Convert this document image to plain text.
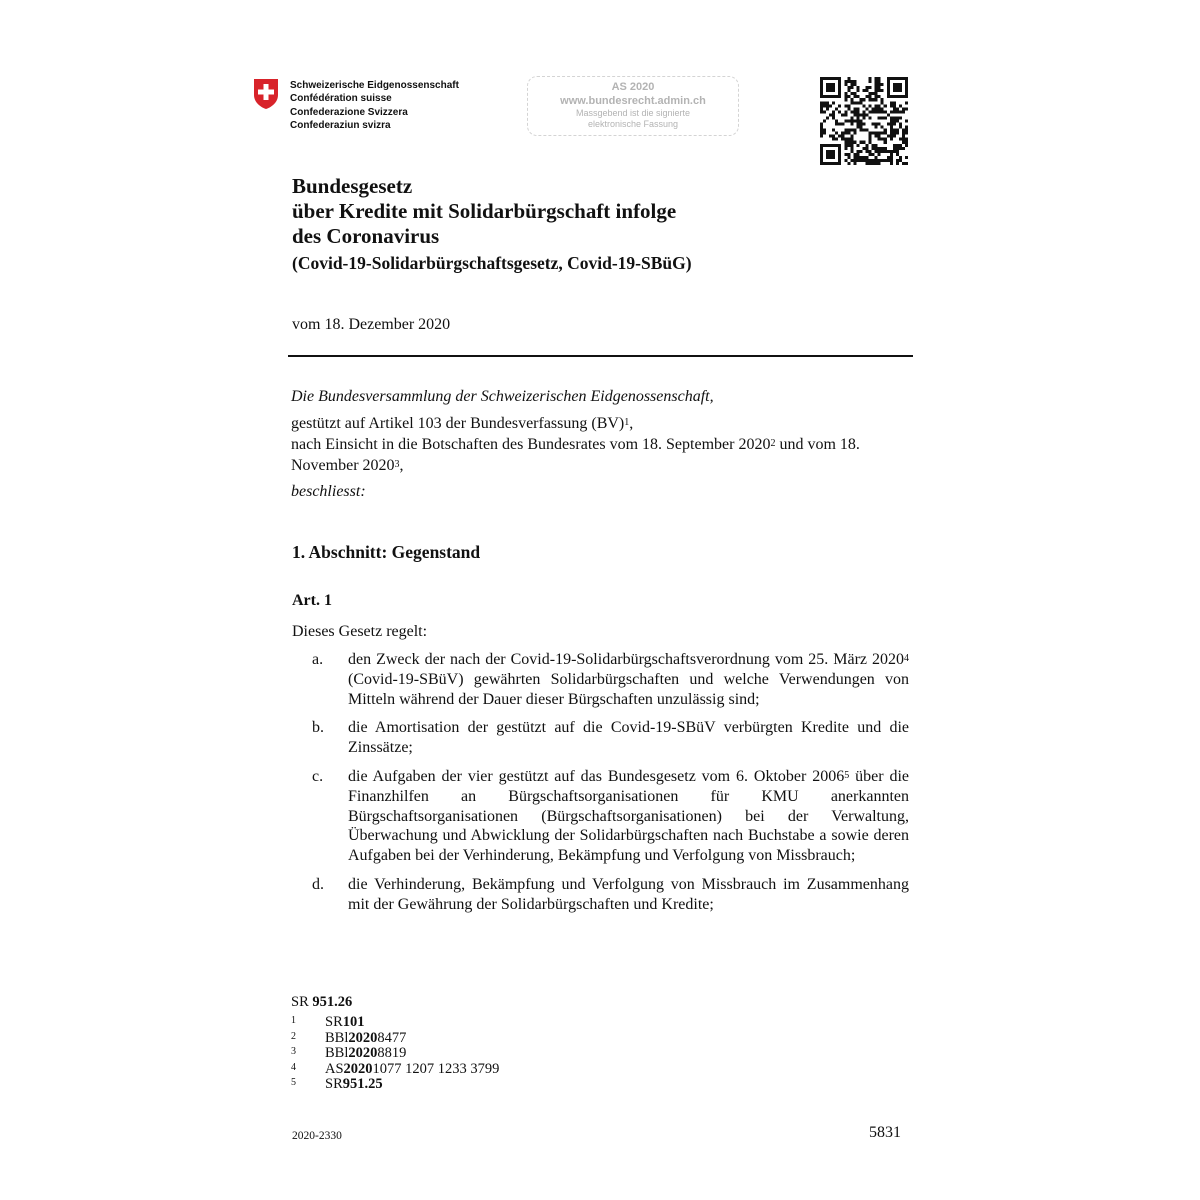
Schweizerische Eidgenossenschaft
Confédération suisse
Confederazione Svizzera
Confederaziun svizra
AS 2020
www.bundesrecht.admin.ch
Massgebend ist die signierte
elektronische Fassung
Bundesgesetz
über Kredite mit Solidarbürgschaft infolge
des Coronavirus
(Covid-19-Solidarbürgschaftsgesetz, Covid-19-SBüG)
vom 18. Dezember 2020
Die Bundesversammlung der Schweizerischen Eidgenossenschaft,
gestützt auf Artikel 103 der Bundesverfassung (BV)$^1$,
nach Einsicht in die Botschaften des Bundesrates vom 18. September 2020$^2$ und vom 18. November 2020$^3$,
beschliesst:
1. Abschnitt: Gegenstand
Art. 1
Dieses Gesetz regelt:
a.	den Zweck der nach der Covid-19-Solidarbürgschaftsverordnung vom 25. März 2020$^4$ (Covid-19-SBüV) gewährten Solidarbürgschaften und welche Verwendungen von Mitteln während der Dauer dieser Bürgschaften unzulässig sind;
b.	die Amortisation der gestützt auf die Covid-19-SBüV verbürgten Kredite und die Zinssätze;
c.	die Aufgaben der vier gestützt auf das Bundesgesetz vom 6. Oktober 2006$^5$ über die Finanzhilfen an Bürgschaftsorganisationen für KMU anerkannten Bürgschaftsorganisationen (Bürgschaftsorganisationen) bei der Verwaltung, Überwachung und Abwicklung der Solidarbürgschaften nach Buchstabe a sowie deren Aufgaben bei der Verhinderung, Bekämpfung und Verfolgung von Missbrauch;
d.	die Verhinderung, Bekämpfung und Verfolgung von Missbrauch im Zusammenhang mit der Gewährung der Solidarbürgschaften und Kredite;
SR 951.26
1	SR 101
2	BBl 2020 8477
3	BBl 2020 8819
4	AS 2020 1077 1207 1233 3799
5	SR 951.25
2020-2330	5831
